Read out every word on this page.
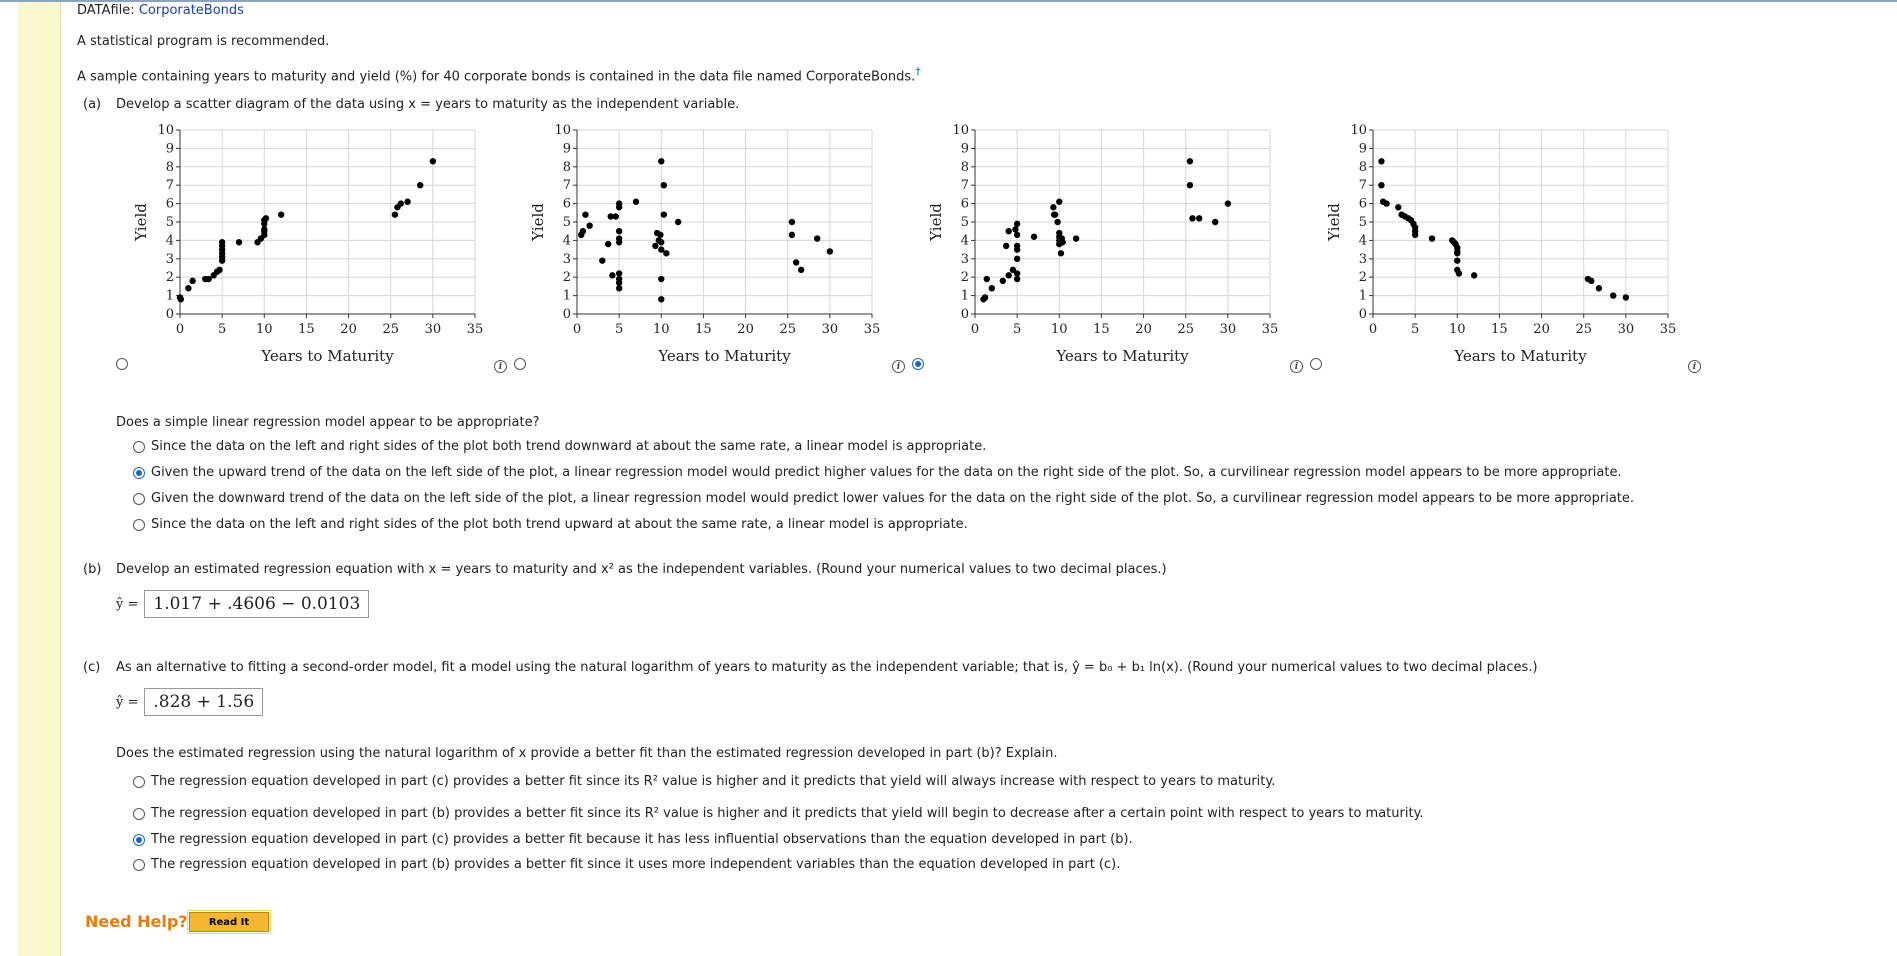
DATAfile: CorporateBonds
A statistical program is recommended.
A sample containing years to maturity and yield (%) for 40 corporate bonds is contained in the data file named CorporateBonds.†
(a) Develop a scatter diagram of the data using x = years to maturity as the independent variable.
0
1
2
3
4
5
6
7
8
9
10
0	5 10 15 20 25 30 35
Years to Maturity
Yield
0
1
2
3
4
5
6
7
8
9
10
0	5 10 15 20 25 30 35
Years to Maturity
Yield
0
1
2
3
4
5
6
7
8
9
10
0	5 10 15 20 25 30 35
Years to Maturity
Yield
0
1
2
3
4
5
6
7
8
9
10
0	5 10 15 20 25 30 35
Years to Maturity
Yield
i	i	i	i
Does a simple linear regression model appear to be appropriate?
Since the data on the left and right sides of the plot both trend downward at about the same rate, a linear model is appropriate.
Given the upward trend of the data on the left side of the plot, a linear regression model would predict higher values for the data on the right side of the plot. So, a curvilinear regression model appears to be more appropriate.
Given the downward trend of the data on the left side of the plot, a linear regression model would predict lower values for the data on the right side of the plot. So, a curvilinear regression model appears to be more appropriate.
Since the data on the left and right sides of the plot both trend upward at about the same rate, a linear model is appropriate.
(b) Develop an estimated regression equation with x = years to maturity and x² as the independent variables. (Round your numerical values to two decimal places.)
ŷ = 1.017 + .4606 − 0.0103
(c) As an alternative to fitting a second-order model, fit a model using the natural logarithm of years to maturity as the independent variable; that is, ŷ = b₀ + b₁ ln(x). (Round your numerical values to two decimal places.)
ŷ = .828 + 1.56
Does the estimated regression using the natural logarithm of x provide a better fit than the estimated regression developed in part (b)? Explain.
The regression equation developed in part (c) provides a better fit since its R² value is higher and it predicts that yield will always increase with respect to years to maturity.
The regression equation developed in part (b) provides a better fit since its R² value is higher and it predicts that yield will begin to decrease after a certain point with respect to years to maturity.
The regression equation developed in part (c) provides a better fit because it has less influential observations than the equation developed in part (b).
The regression equation developed in part (b) provides a better fit since it uses more independent variables than the equation developed in part (c).
Need Help?	Read It
